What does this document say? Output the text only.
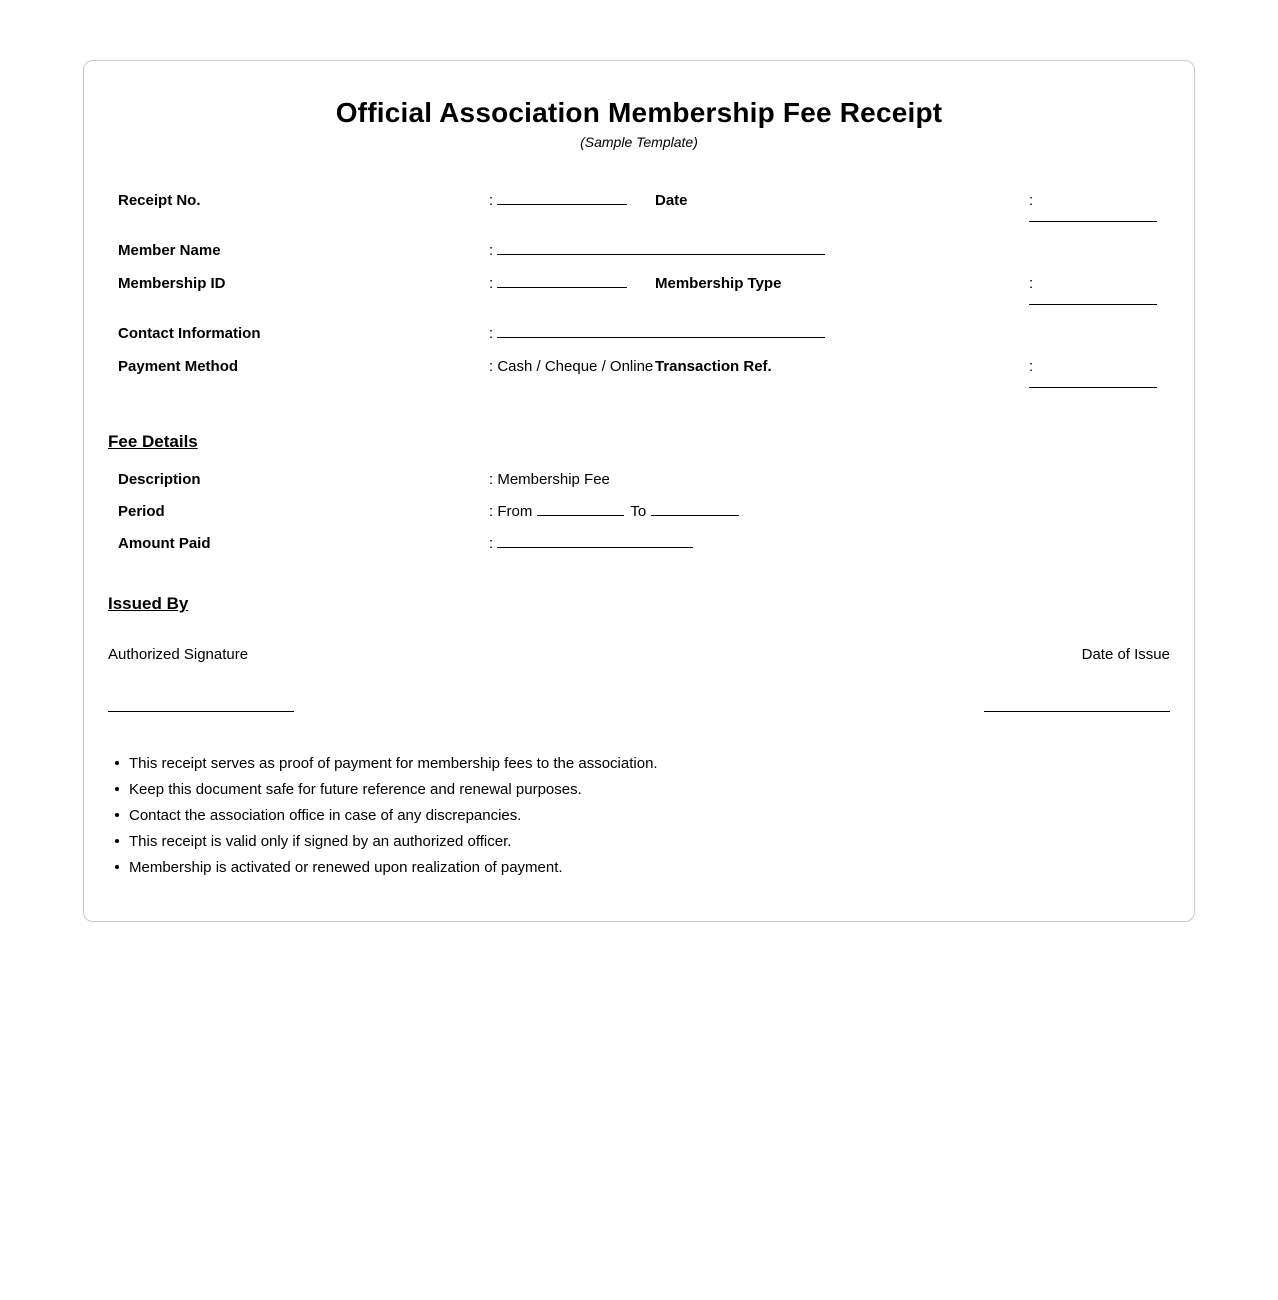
Official Association Membership Fee Receipt
(Sample Template)
Receipt No.	:	Date	:
Member Name	:
Membership ID	:	Membership Type	:
Contact Information	:
Payment Method	: Cash / Cheque / Online Transaction Ref.	:
Fee Details
Description	: Membership Fee
Period	: From	To
Amount Paid	:
Issued By
Authorized Signature	Date of Issue
This receipt serves as proof of payment for membership fees to the association.
Keep this document safe for future reference and renewal purposes.
Contact the association office in case of any discrepancies.
This receipt is valid only if signed by an authorized officer.
Membership is activated or renewed upon realization of payment.
